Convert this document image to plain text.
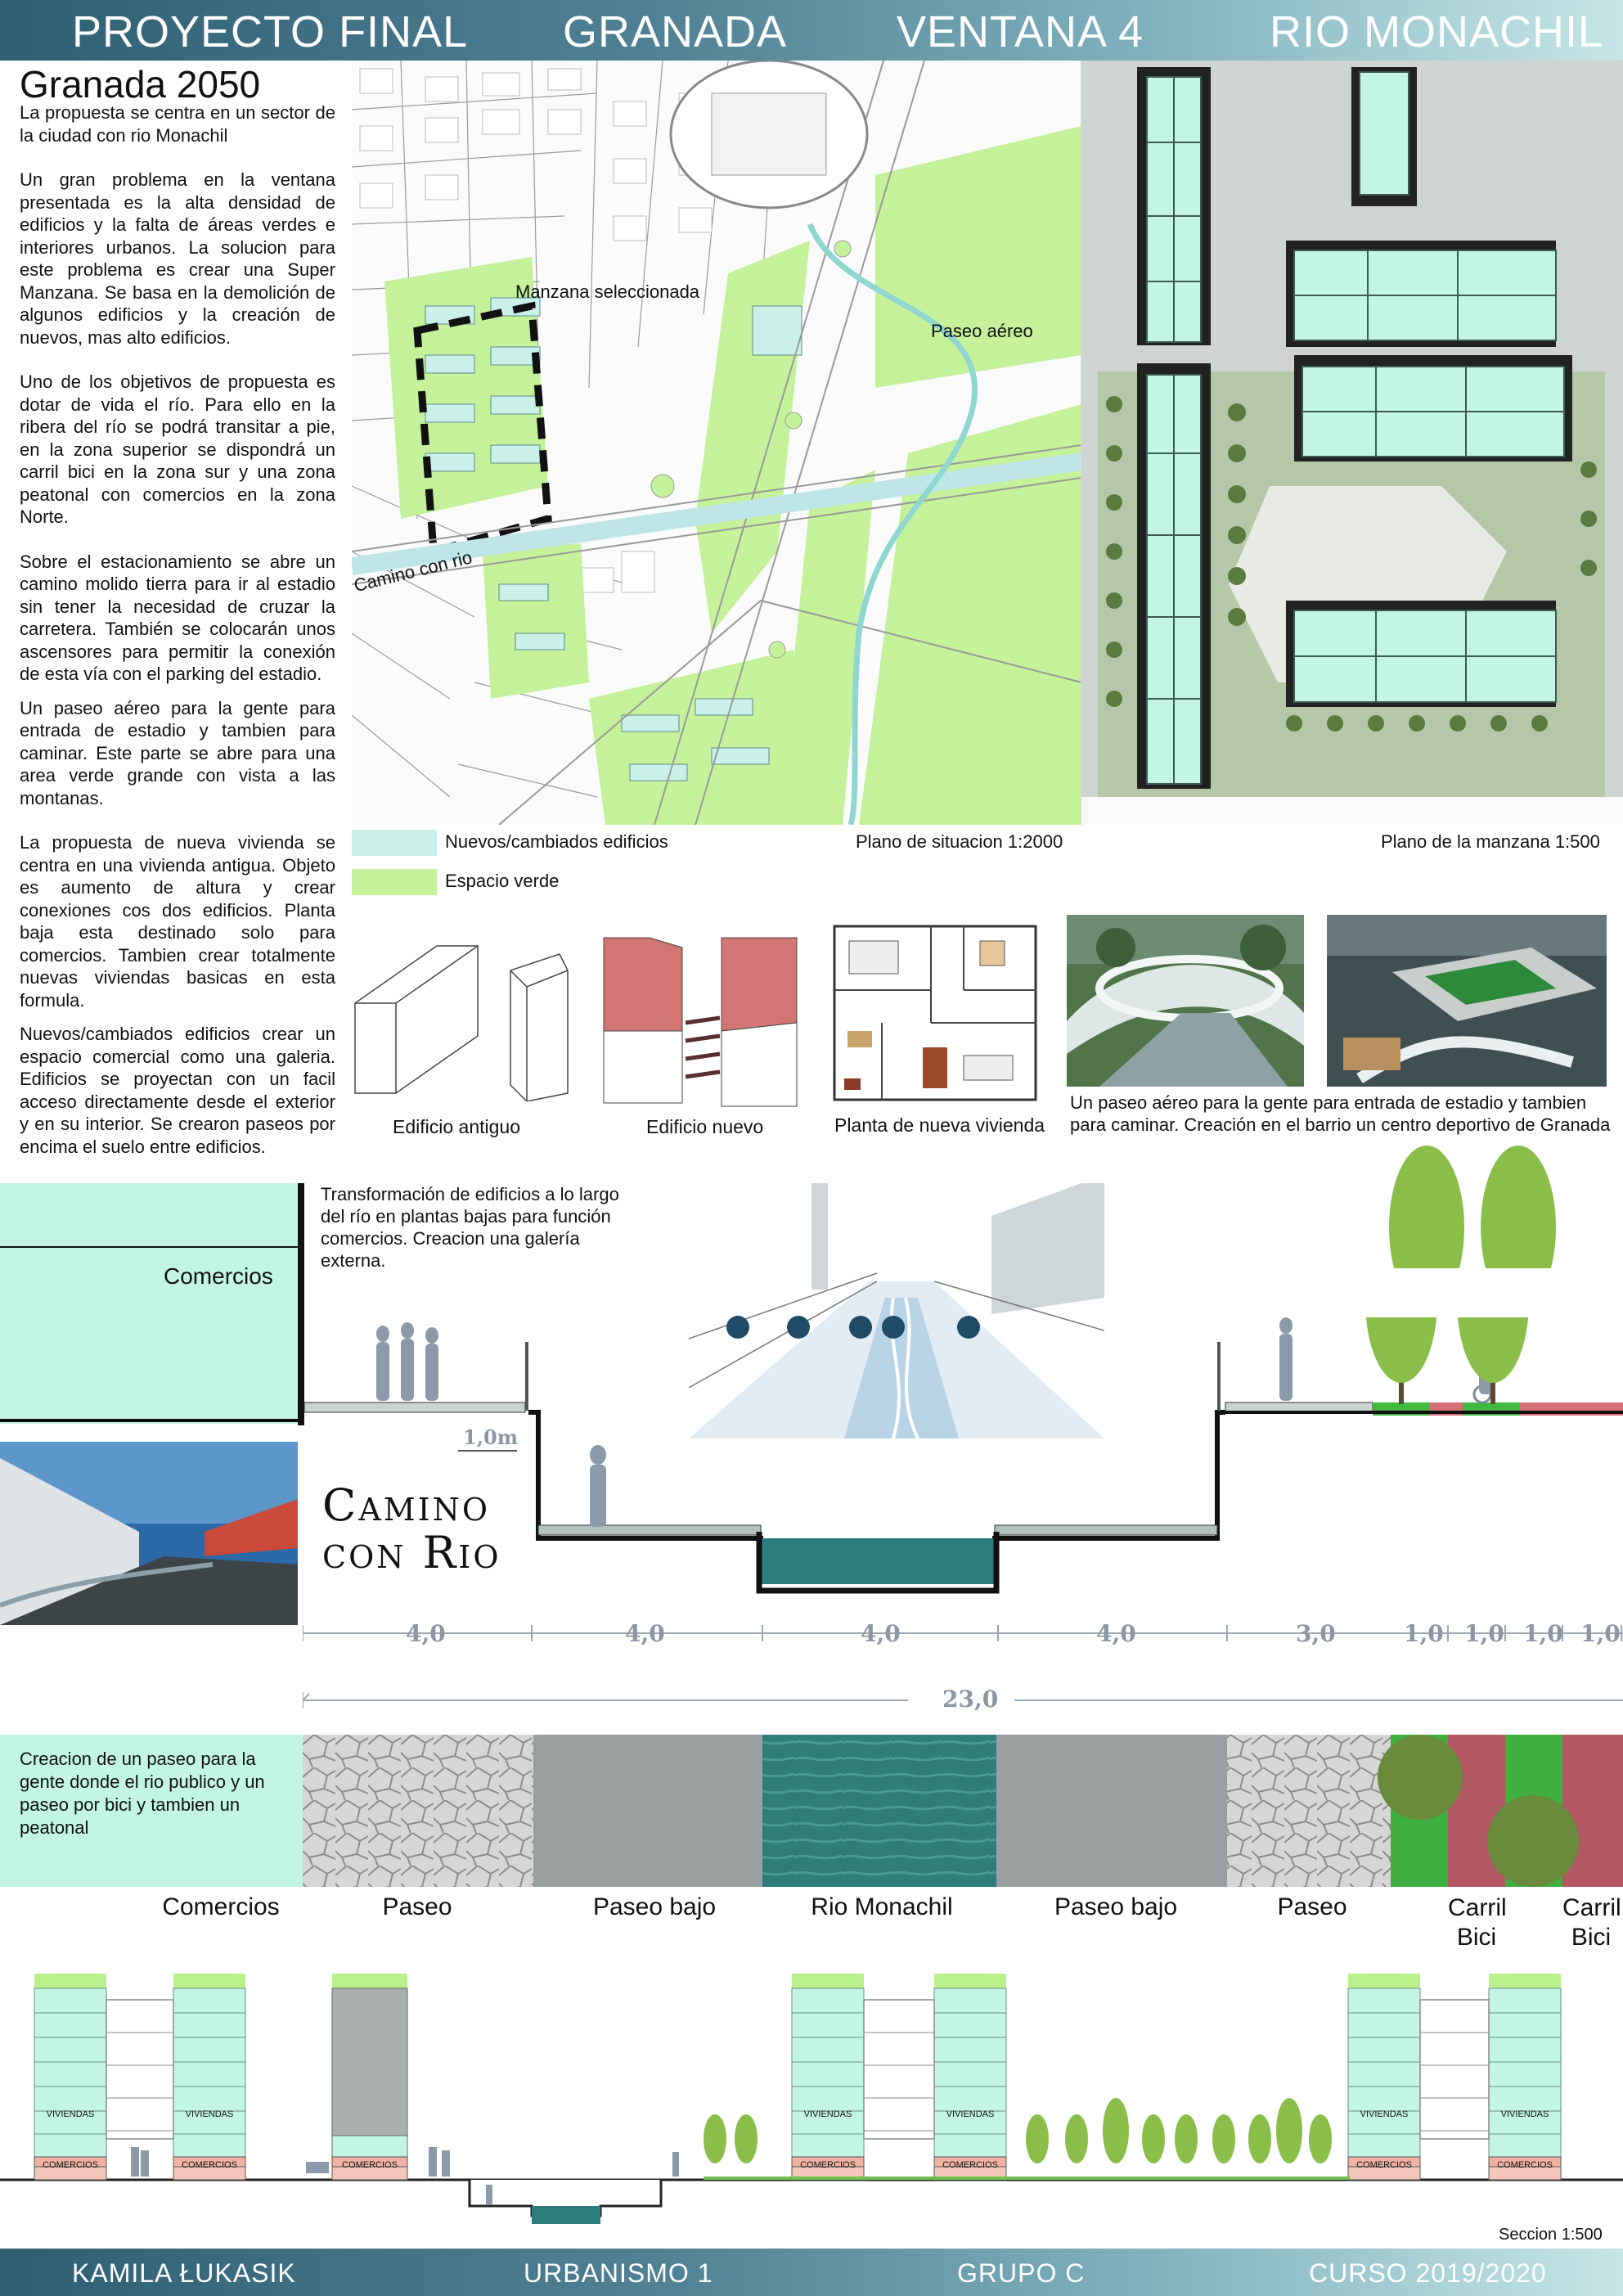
PROYECTO FINAL GRANADA VENTANA 4	RIO MONACHIL
Granada 2050

La propuesta se centra en un sector de la ciudad con rio Monachil

Un gran problema en la ventana presentada es la alta densidad de edificios y la falta de áreas verdes e interiores urbanos. La solucion para este problema es crear una Super Manzana. Se basa en la demolición de algunos edificios y la creación de nuevos, mas alto edificios.

Uno de los objetivos de propuesta es dotar de vida el río. Para ello en la ribera del río se podrá transitar a pie, en la zona superior se dispondrá un carril bici en la zona sur y una zona peatonal con comercios en la zona Norte.

Sobre el estacionamiento se abre un camino molido tierra para ir al estadio sin tener la necesidad de cruzar la carretera. También se colocarán unos ascensores para permitir la conexión de esta vía con el parking del estadio.

Un paseo aéreo para la gente para entrada de estadio y tambien para caminar. Este parte se abre para una area verde grande con vista a las montanas.

La propuesta de nueva vivienda se centra en una vivienda antigua. Objeto es aumento de altura y crear conexiones cos dos edificios. Planta baja esta destinado solo para comercios. Tambien crear totalmente nuevas viviendas basicas en esta formula.

Nuevos/cambiados edificios crear un espacio comercial como una galeria. Edificios se proyectan con un facil acceso directamente desde el exterior y en su interior. Se crearon paseos por encima el suelo entre edificios.

Manzana seleccionada
Paseo aéreo
Camino con rio
Nuevos/cambiados edificios
Espacio verde
Plano de situacion 1:2000	Plano de la manzana 1:500
Edificio antiguo	Edificio nuevo	Planta de nueva vivienda
Un paseo aéreo para la gente para entrada de estadio y tambien para caminar. Creación en el barrio un centro deportivo de Granada
Comercios
Transformación de edificios a lo largo del río en plantas bajas para función comercios. Creacion una galería externa.
1,0m
Camino
con Rio
4,0	4,0	4,0	4,0	3,0	1,0 1,0 1,0 1,0
23,0
Creacion de un paseo para la gente donde el rio publico y un paseo por bici y tambien un peatonal
Comercios	Paseo	Paseo bajo	Rio Monachil	Paseo bajo	Paseo	Carril Bici
Carril Bici
VIVIENDAS
COMERCIOS
VIVIENDAS
COMERCIOS	COMERCIOS
VIVIENDAS
COMERCIOS
VIVIENDAS
COMERCIOS
VIVIENDAS
COMERCIOS
VIVIENDAS
COMERCIOS
Seccion 1:500
KAMILA ŁUKASIK	URBANISMO 1	GRUPO C	CURSO 2019/2020
